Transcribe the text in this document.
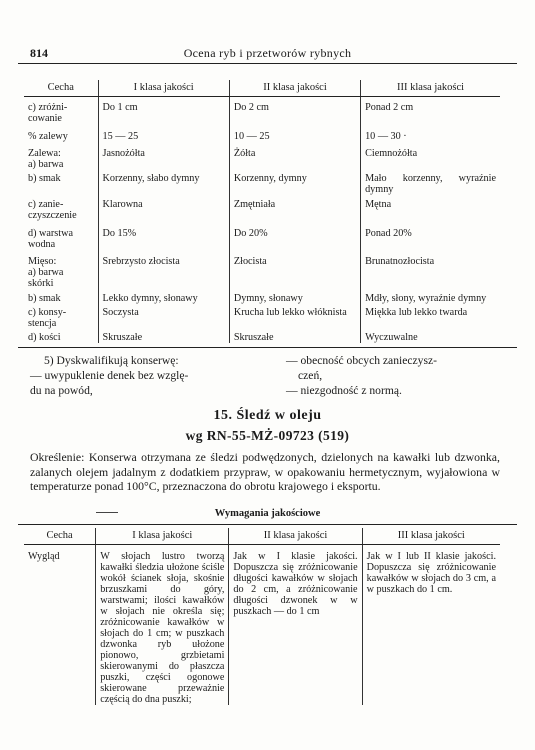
814	Ocena ryb i przetworów rybnych
Cecha	I klasa jakości	II klasa jakości	III klasa jakości
c) zróżni-
cowanie	Do 1 cm	Do 2 cm	Ponad 2 cm
% zalewy	15 — 25	10 — 25	10 — 30 ·
Zalewa:
a) barwa	Jasnożółta	Żółta	Ciemnożółta
b) smak	Korzenny, słabo dymny	Korzenny, dymny	Mało korzenny, wyraźnie dymny
c) zanie-
czyszczenie	Klarowna	Zmętniała	Mętna
d) warstwa
wodna	Do 15%	Do 20%	Ponad 20%
Mięso:
a) barwa
skórki	Srebrzysto złocista	Złocista	Brunatnozłocista
b) smak	Lekko dymny, słonawy	Dymny, słonawy	Mdły, słony, wyraźnie dymny
c) konsy-
stencja	Soczysta	Krucha lub lekko włóknista	Miękka lub lekko twarda
d) kości	Skruszałe	Skruszałe	Wyczuwalne
5) Dyskwalifikują konserwę:
— uwypuklenie denek bez wzglę-
du na powód,
— obecność obcych zanieczysz-
czeń,
— niezgodność z normą.
15. Śledź w oleju
wg RN-55-MŻ-09723 (519)
Określenie: Konserwa otrzymana ze śledzi podwędzonych, dzielonych na kawałki lub dzwonka, zalanych olejem jadalnym z dodatkiem przypraw, w opakowaniu hermetycznym, wyjałowiona w temperaturze ponad 100°C, przeznaczona do obrotu krajowego i eksportu.
Wymagania jakościowe
Cecha	I klasa jakości	II klasa jakości	III klasa jakości
Wygląd	W słojach lustro tworzą kawałki śledzia ułożone ściśle wokół ścianek słoja, skośnie brzuszkami do góry, warstwami; ilości kawałków w słojach nie określa się; zróżnicowanie kawałków w słojach do 1 cm; w puszkach dzwonka ryb ułożone pionowo, grzbietami skierowanymi do płaszcza puszki, części ogonowe skierowane przeważnie częścią do dna puszki;	Jak w I klasie jakości. Dopuszcza się zróżnicowanie długości kawałków w słojach do 2 cm, a zróżnicowanie długości dzwonek w w puszkach — do 1 cm	Jak w I lub II klasie jakości. Dopuszcza się zróżnicowanie kawałków w słojach do 3 cm, a w puszkach do 1 cm.
